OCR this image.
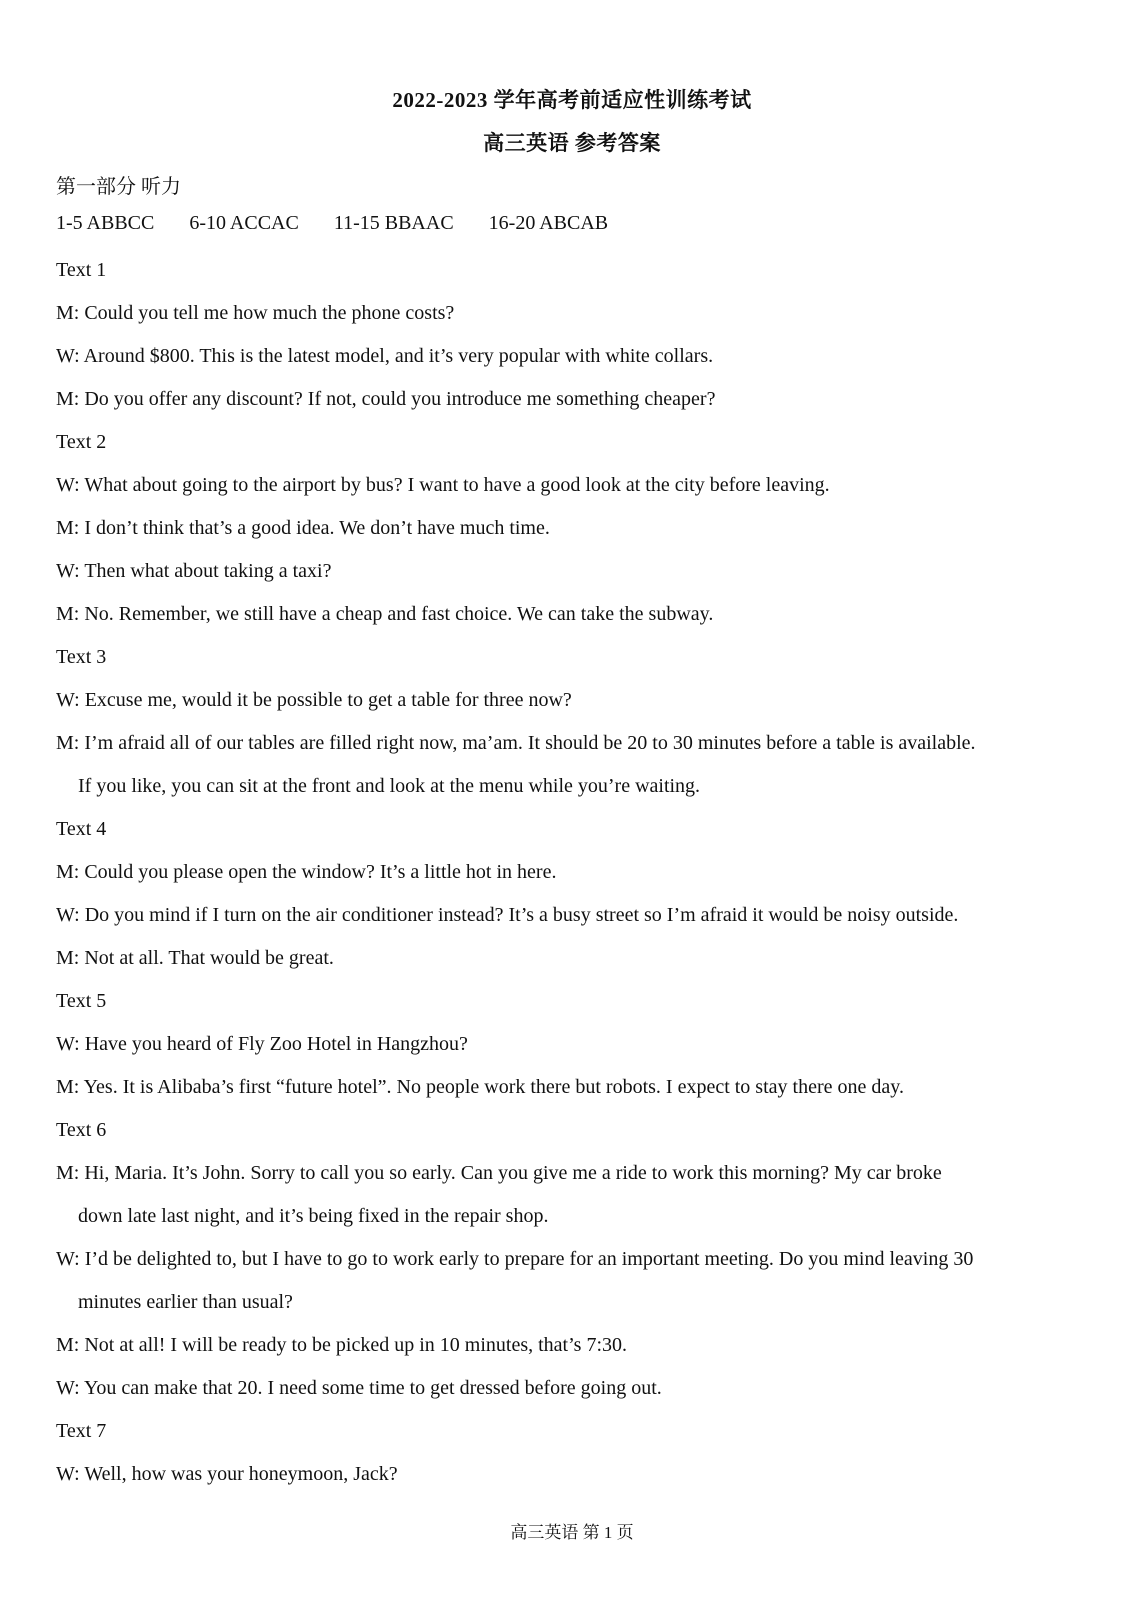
2022-2023 学年高考前适应性训练考试
高三英语 参考答案
第一部分 听力
1-5 ABBCC 6-10 ACCAC 11-15 BBAAC 16-20 ABCAB
Text 1
M: Could you tell me how much the phone costs?
W: Around $800. This is the latest model, and it’s very popular with white collars.
M: Do you offer any discount? If not, could you introduce me something cheaper?
Text 2
W: What about going to the airport by bus? I want to have a good look at the city before leaving.
M: I don’t think that’s a good idea. We don’t have much time.
W: Then what about taking a taxi?
M: No. Remember, we still have a cheap and fast choice. We can take the subway.
Text 3
W: Excuse me, would it be possible to get a table for three now?
M: I’m afraid all of our tables are filled right now, ma’am. It should be 20 to 30 minutes before a table is available.
If you like, you can sit at the front and look at the menu while you’re waiting.
Text 4
M: Could you please open the window? It’s a little hot in here.
W: Do you mind if I turn on the air conditioner instead? It’s a busy street so I’m afraid it would be noisy outside.
M: Not at all. That would be great.
Text 5
W: Have you heard of Fly Zoo Hotel in Hangzhou?
M: Yes. It is Alibaba’s first “future hotel”. No people work there but robots. I expect to stay there one day.
Text 6
M: Hi, Maria. It’s John. Sorry to call you so early. Can you give me a ride to work this morning? My car broke
down late last night, and it’s being fixed in the repair shop.
W: I’d be delighted to, but I have to go to work early to prepare for an important meeting. Do you mind leaving 30
minutes earlier than usual?
M: Not at all! I will be ready to be picked up in 10 minutes, that’s 7:30.
W: You can make that 20. I need some time to get dressed before going out.
Text 7
W: Well, how was your honeymoon, Jack?
高三英语 第 1 页
